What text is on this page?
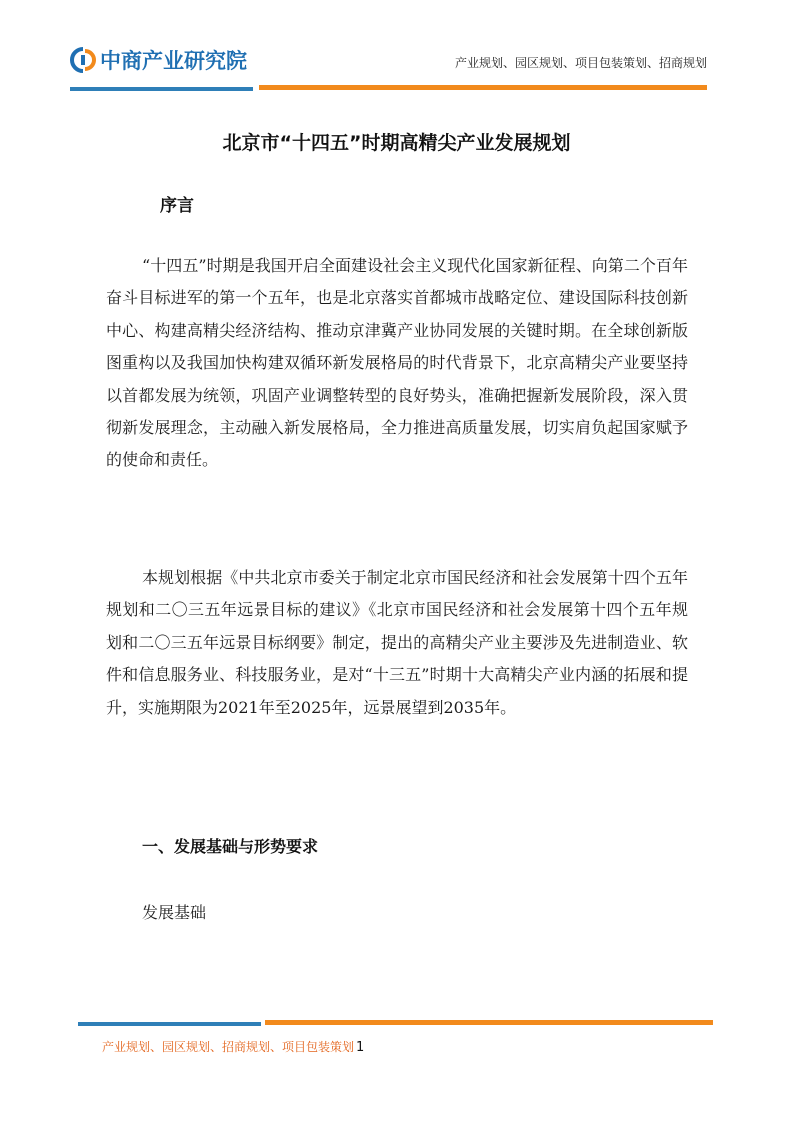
中商产业研究院	产业规划、园区规划、项目包装策划、招商规划
北京市“十四五”时期高精尖产业发展规划
序言

“十四五”时期是我国开启全面建设社会主义现代化国家新征程、向第二个百年奋斗目标进军的第一个五年，也是北京落实首都城市战略定位、建设国际科技创新中心、构建高精尖经济结构、推动京津冀产业协同发展的关键时期。在全球创新版图重构以及我国加快构建双循环新发展格局的时代背景下，北京高精尖产业要坚持以首都发展为统领，巩固产业调整转型的良好势头，准确把握新发展阶段，深入贯彻新发展理念，主动融入新发展格局，全力推进高质量发展，切实肩负起国家赋予的使命和责任。

本规划根据《中共北京市委关于制定北京市国民经济和社会发展第十四个五年规划和二〇三五年远景目标的建议》《北京市国民经济和社会发展第十四个五年规划和二〇三五年远景目标纲要》制定，提出的高精尖产业主要涉及先进制造业、软件和信息服务业、科技服务业，是对“十三五”时期十大高精尖产业内涵的拓展和提升，实施期限为2021年至2025年，远景展望到2035年。

一、发展基础与形势要求
发展基础
产业规划、园区规划、招商规划、项目包装策划 1
